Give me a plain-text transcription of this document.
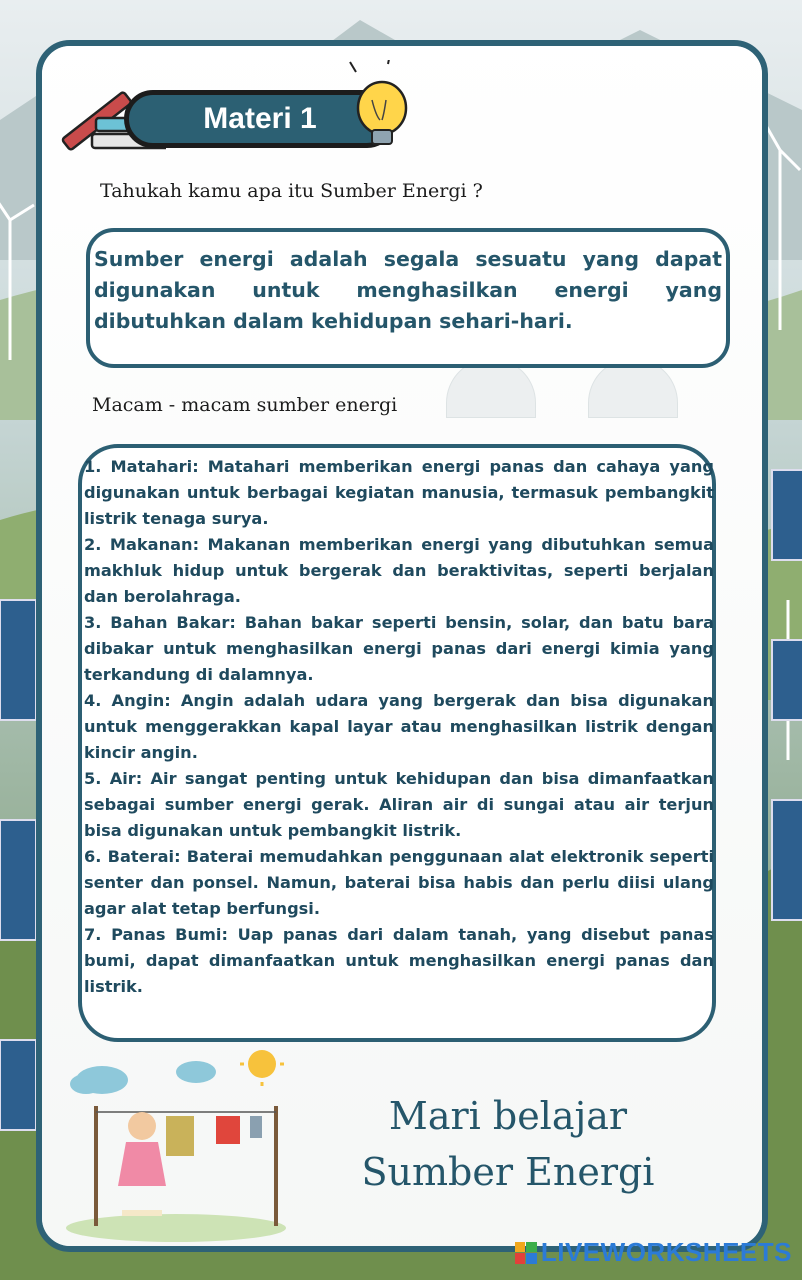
Materi 1
Tahukah kamu apa itu Sumber Energi ?
Sumber energi adalah segala sesuatu yang dapat digunakan untuk menghasilkan energi yang dibutuhkan dalam kehidupan sehari-hari.
Macam - macam sumber energi
1. Matahari: Matahari memberikan energi panas dan cahaya yang digunakan untuk berbagai kegiatan manusia, termasuk pembangkit listrik tenaga surya.
2. Makanan: Makanan memberikan energi yang dibutuhkan semua makhluk hidup untuk bergerak dan beraktivitas, seperti berjalan dan berolahraga.
3. Bahan Bakar: Bahan bakar seperti bensin, solar, dan batu bara dibakar untuk menghasilkan energi panas dari energi kimia yang terkandung di dalamnya.
4. Angin: Angin adalah udara yang bergerak dan bisa digunakan untuk menggerakkan kapal layar atau menghasilkan listrik dengan kincir angin.
5. Air: Air sangat penting untuk kehidupan dan bisa dimanfaatkan sebagai sumber energi gerak. Aliran air di sungai atau air terjun bisa digunakan untuk pembangkit listrik.
6. Baterai: Baterai memudahkan penggunaan alat elektronik seperti senter dan ponsel. Namun, baterai bisa habis dan perlu diisi ulang agar alat tetap berfungsi.
7. Panas Bumi: Uap panas dari dalam tanah, yang disebut panas bumi, dapat dimanfaatkan untuk menghasilkan energi panas dan listrik.
Mari belajar
Sumber Energi
LIVEWORKSHEETS
